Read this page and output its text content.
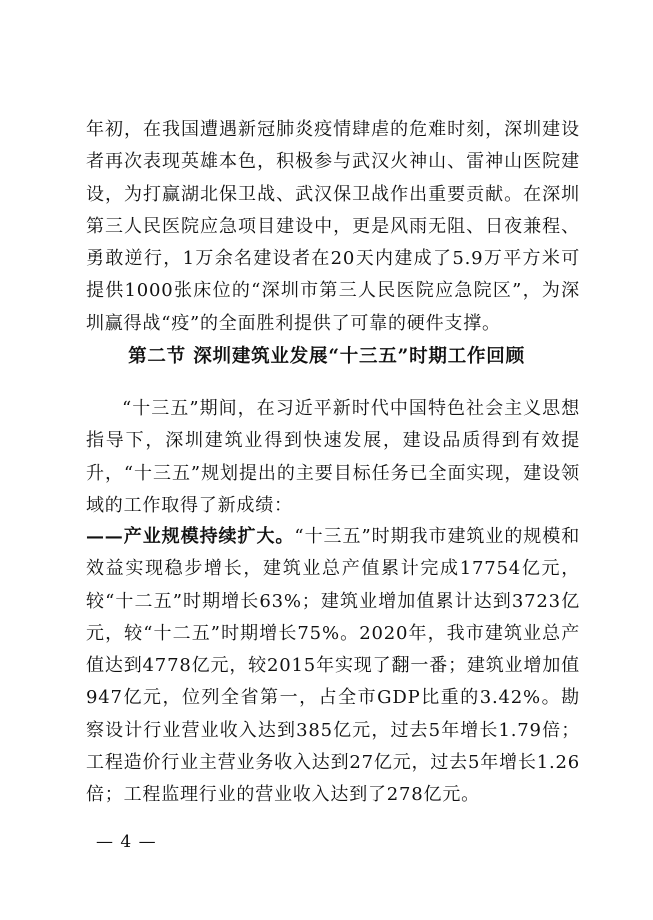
年初，在我国遭遇新冠肺炎疫情肆虐的危难时刻，深圳建设者再次表现英雄本色，积极参与武汉火神山、雷神山医院建设，为打赢湖北保卫战、武汉保卫战作出重要贡献。在深圳第三人民医院应急项目建设中，更是风雨无阻、日夜兼程、勇敢逆行，1万余名建设者在20天内建成了5.9万平方米可提供1000张床位的“深圳市第三人民医院应急院区”，为深圳赢得战“疫”的全面胜利提供了可靠的硬件支撑。

第二节 深圳建筑业发展“十三五”时期工作回顾

“十三五”期间，在习近平新时代中国特色社会主义思想指导下，深圳建筑业得到快速发展，建设品质得到有效提升，“十三五”规划提出的主要目标任务已全面实现，建设领域的工作取得了新成绩：

——产业规模持续扩大。“十三五”时期我市建筑业的规模和效益实现稳步增长，建筑业总产值累计完成17754亿元，较“十二五”时期增长63%；建筑业增加值累计达到3723亿元，较“十二五”时期增长75%。2020年，我市建筑业总产值达到4778亿元，较2015年实现了翻一番；建筑业增加值947亿元，位列全省第一，占全市GDP比重的3.42%。勘察设计行业营业收入达到385亿元，过去5年增长1.79倍；工程造价行业主营业务收入达到27亿元，过去5年增长1.26倍；工程监理行业的营业收入达到了278亿元。

— 4 —
